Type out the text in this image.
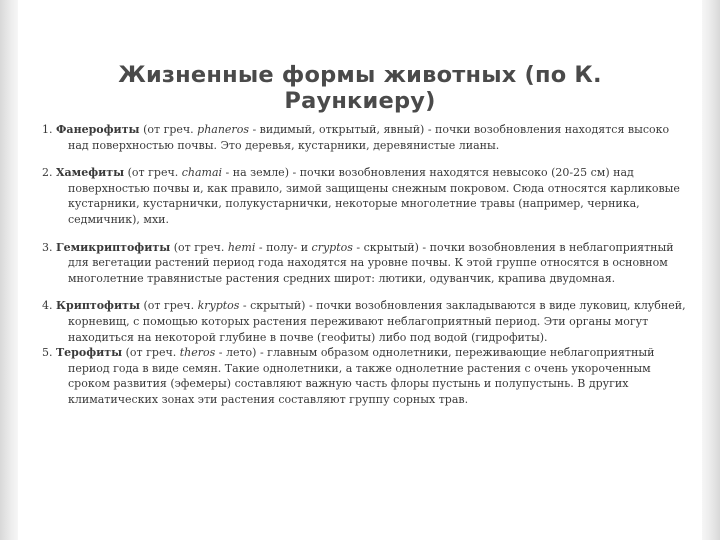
Жизненные формы животных (по К. Раункиеру)

1. Фанерофиты (от греч. phaneros - видимый, открытый, явный) - почки возобновления находятся высоко над поверхностью почвы. Это деревья, кустарники, деревянистые лианы.

2. Хамефиты (от греч. chamai - на земле) - почки возобновления находятся невысоко (20-25 см) над поверхностью почвы и, как правило, зимой защищены снежным покровом. Сюда относятся карликовые кустарники, кустарнички, полукустарнички, некоторые многолетние травы (например, черника, седмичник), мхи.

3. Гемикриптофиты (от греч. hemi - полу- и cryptos - скрытый) - почки возобновления в неблагоприятный для вегетации растений период года находятся на уровне почвы. К этой группе относятся в основном многолетние травянистые растения средних широт: лютики, одуванчик, крапива двудомная.

4. Криптофиты (от греч. kryptos - скрытый) - почки возобновления закладываются в виде луковиц, клубней, корневищ, с помощью которых растения переживают неблагоприятный период. Эти органы могут находиться на некоторой глубине в почве (геофиты) либо под водой (гидрофиты).

5. Терофиты (от греч. theros - лето) - главным образом однолетники, переживающие неблагоприятный период года в виде семян. Такие однолетники, а также однолетние растения с очень укороченным сроком развития (эфемеры) составляют важную часть флоры пустынь и полупустынь. В других климатических зонах эти растения составляют группу сорных трав.
